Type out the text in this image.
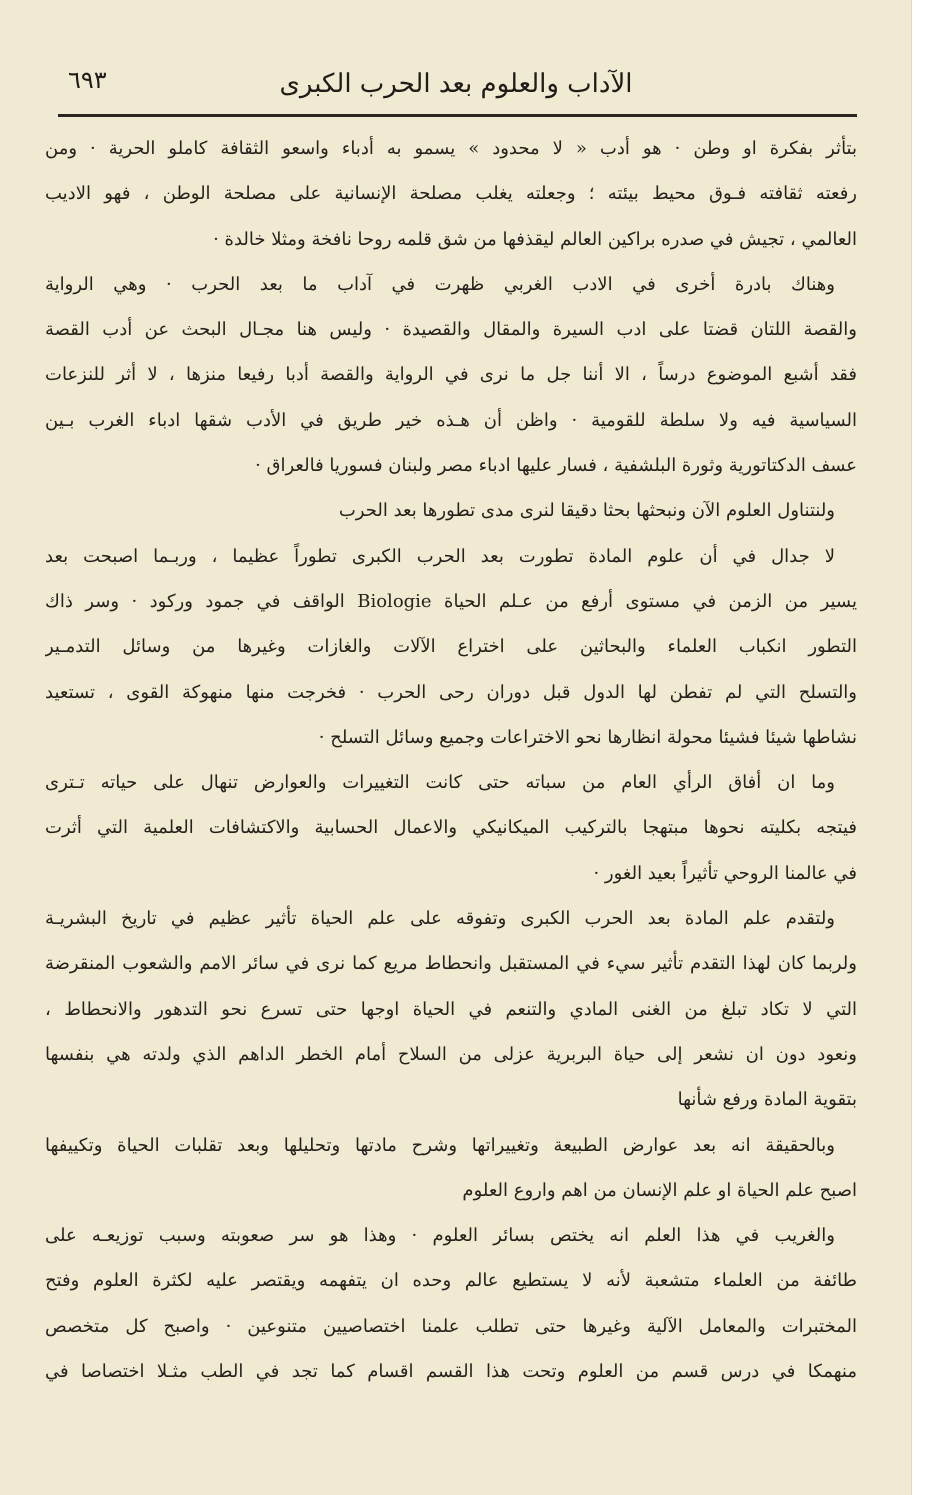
الآداب والعلوم بعد الحرب الكبرى
٦٩٣
بتأثر بفكرة او وطن · هو أدب « لا محدود » يسمو به أدباء واسعو الثقافة كاملو الحرية · ومن
رفعته ثقافته فـوق محيط بيئته ؛ وجعلته يغلب مصلحة الإنسانية على مصلحة الوطن ، فهو الاديب
العالمي ، تجيش في صدره براكين العالم ليقذفها من شق قلمه روحا نافخة ومثلا خالدة ·
وهناك بادرة أخرى في الادب الغربي ظهرت في آداب ما بعد الحرب · وهي الرواية
والقصة اللتان قضتا على ادب السيرة والمقال والقصيدة · وليس هنا مجـال البحث عن أدب القصة
فقد أشبع الموضوع درساً ، الا أننا جل ما نرى في الرواية والقصة أدبا رفيعا منزها ، لا أثر للنزعات
السياسية فيه ولا سلطة للقومية · واظن أن هـذه خير طريق في الأدب شقها ادباء الغرب بـين
عسف الدكتاتورية وثورة البلشفية ، فسار عليها ادباء مصر ولبنان فسوريا فالعراق ·
ولنتناول العلوم الآن ونبحثها بحثا دقيقا لنرى مدى تطورها بعد الحرب
لا جدال في أن علوم المادة تطورت بعد الحرب الكبرى تطوراً عظيما ، وربـما اصبحت بعد
يسير من الزمن في مستوى أرفع من عـلم الحياة Biologie الواقف في جمود وركود · وسر ذاك
التطور انكباب العلماء والبحاثين على اختراع الآلات والغازات وغيرها من وسائل التدمـير
والتسلح التي لم تفطن لها الدول قبل دوران رحى الحرب · فخرجت منها منهوكة القوى ، تستعيد
نشاطها شيئا فشيئا محولة انظارها نحو الاختراعات وجميع وسائل التسلح ·
وما ان أفاق الرأي العام من سباته حتى كانت التغييرات والعوارض تنهال على حياته تـترى
فيتجه بكليته نحوها مبتهجا بالتركيب الميكانيكي والاعمال الحسابية والاكتشافات العلمية التي أثرت
في عالمنا الروحي تأثيراً بعيد الغور ·
ولتقدم علم المادة بعد الحرب الكبرى وتفوقه على علم الحياة تأثير عظيم في تاريخ البشريـة
ولربما كان لهذا التقدم تأثير سيء في المستقبل وانحطاط مريع كما نرى في سائر الامم والشعوب المنقرضة
التي لا تكاد تبلغ من الغنى المادي والتنعم في الحياة اوجها حتى تسرع نحو التدهور والانحطاط ،
ونعود دون ان نشعر إلى حياة البربرية عزلى من السلاح أمام الخطر الداهم الذي ولدته هي بنفسها
بتقوية المادة ورفع شأنها
وبالحقيقة انه بعد عوارض الطبيعة وتغييراتها وشرح مادتها وتحليلها وبعد تقلبات الحياة وتكييفها
اصبح علم الحياة او علم الإنسان من اهم واروع العلوم
والغريب في هذا العلم انه يختص بسائر العلوم · وهذا هو سر صعوبته وسبب توزيعـه على
طائفة من العلماء متشعبة لأنه لا يستطيع عالم وحده ان يتفهمه ويقتصر عليه لكثرة العلوم وفتح
المختبرات والمعامل الآلية وغيرها حتى تطلب علمنا اختصاصيين متنوعين · واصبح كل متخصص
منهمكا في درس قسم من العلوم وتحت هذا القسم اقسام كما تجد في الطب مثـلا اختصاصا في
